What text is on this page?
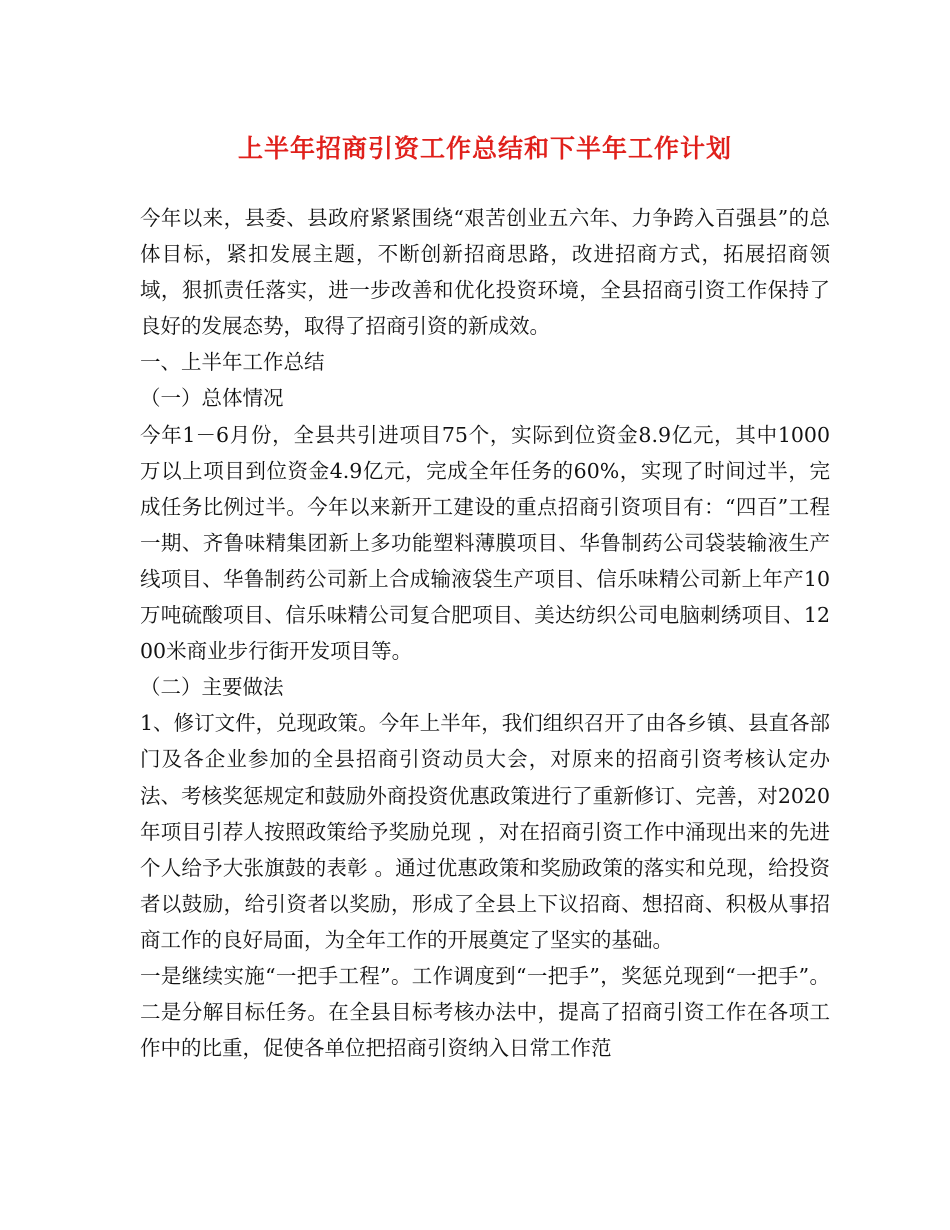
上半年招商引资工作总结和下半年工作计划

今年以来，县委、县政府紧紧围绕“艰苦创业五六年、力争跨入百强县”的总体目标，紧扣发展主题，不断创新招商思路，改进招商方式，拓展招商领域，狠抓责任落实，进一步改善和优化投资环境，全县招商引资工作保持了良好的发展态势，取得了招商引资的新成效。

一、上半年工作总结

（一）总体情况

今年1－6月份，全县共引进项目75个，实际到位资金8.9亿元，其中1000万以上项目到位资金4.9亿元，完成全年任务的60%，实现了时间过半，完成任务比例过半。今年以来新开工建设的重点招商引资项目有：“四百”工程一期、齐鲁味精集团新上多功能塑料薄膜项目、华鲁制药公司袋装输液生产线项目、华鲁制药公司新上合成输液袋生产项目、信乐味精公司新上年产10万吨硫酸项目、信乐味精公司复合肥项目、美达纺织公司电脑刺绣项目、1200米商业步行街开发项目等。

（二）主要做法

1、修订文件，兑现政策。今年上半年，我们组织召开了由各乡镇、县直各部门及各企业参加的全县招商引资动员大会，对原来的招商引资考核认定办法、考核奖惩规定和鼓励外商投资优惠政策进行了重新修订、完善，对2020年项目引荐人按照政策给予奖励兑现 ，对在招商引资工作中涌现出来的先进个人给予大张旗鼓的表彰 。通过优惠政策和奖励政策的落实和兑现，给投资者以鼓励，给引资者以奖励，形成了全县上下议招商、想招商、积极从事招商工作的良好局面，为全年工作的开展奠定了坚实的基础。

一是继续实施“一把手工程”。工作调度到“一把手”，奖惩兑现到“一把手”。二是分解目标任务。在全县目标考核办法中，提高了招商引资工作在各项工作中的比重，促使各单位把招商引资纳入日常工作范
